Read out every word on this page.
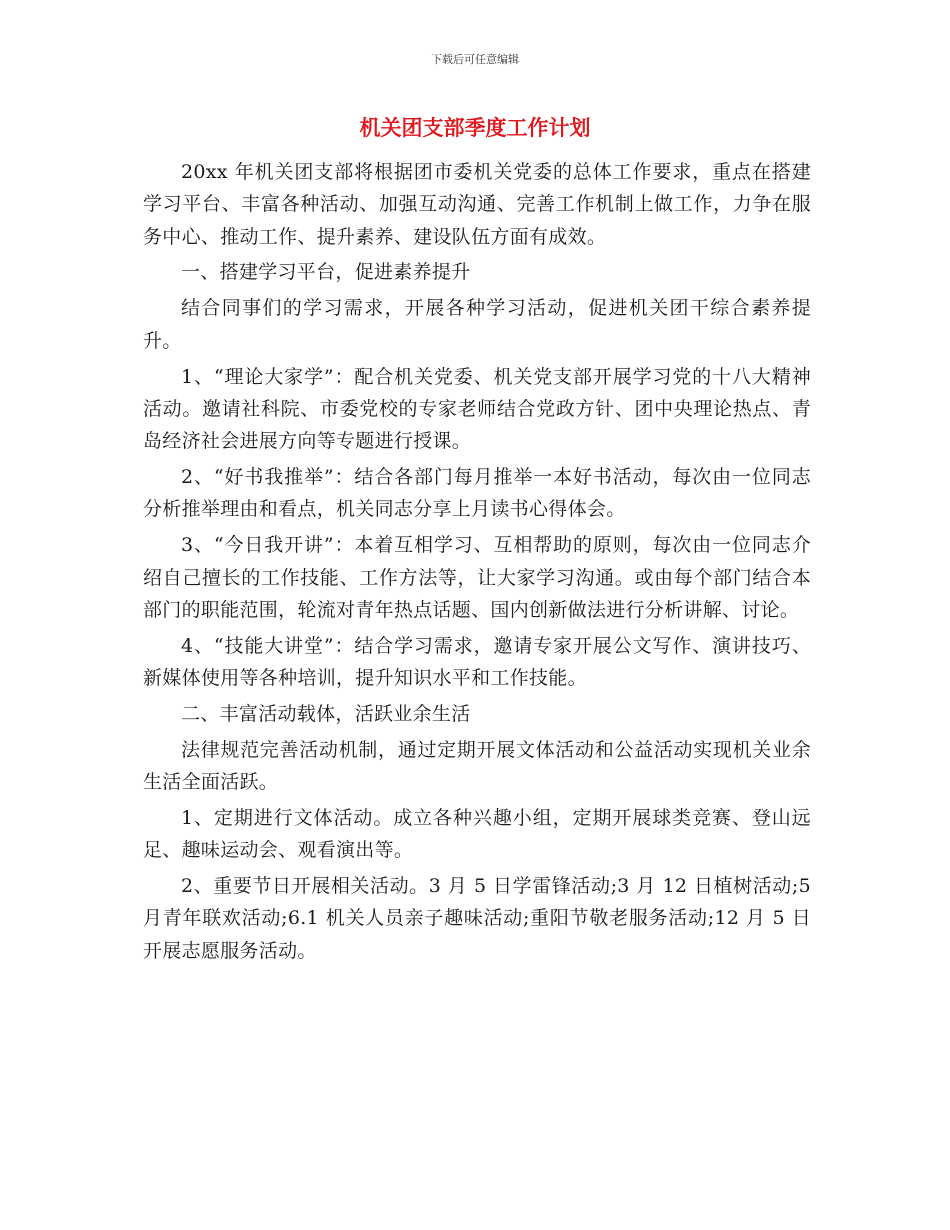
下载后可任意编辑
机关团支部季度工作计划

20xx 年机关团支部将根据团市委机关党委的总体工作要求，重点在搭建学习平台、丰富各种活动、加强互动沟通、完善工作机制上做工作，力争在服务中心、推动工作、提升素养、建设队伍方面有成效。

一、搭建学习平台，促进素养提升

结合同事们的学习需求，开展各种学习活动，促进机关团干综合素养提升。

1、“理论大家学”：配合机关党委、机关党支部开展学习党的十八大精神活动。邀请社科院、市委党校的专家老师结合党政方针、团中央理论热点、青岛经济社会进展方向等专题进行授课。

2、“好书我推举”：结合各部门每月推举一本好书活动，每次由一位同志分析推举理由和看点，机关同志分享上月读书心得体会。

3、“今日我开讲”：本着互相学习、互相帮助的原则，每次由一位同志介绍自己擅长的工作技能、工作方法等，让大家学习沟通。或由每个部门结合本部门的职能范围，轮流对青年热点话题、国内创新做法进行分析讲解、讨论。

4、“技能大讲堂”：结合学习需求，邀请专家开展公文写作、演讲技巧、新媒体使用等各种培训，提升知识水平和工作技能。

二、丰富活动载体，活跃业余生活

法律规范完善活动机制，通过定期开展文体活动和公益活动实现机关业余生活全面活跃。

1、定期进行文体活动。成立各种兴趣小组，定期开展球类竞赛、登山远足、趣味运动会、观看演出等。

2、重要节日开展相关活动。3 月 5 日学雷锋活动;3 月 12 日植树活动;5 月青年联欢活动;6.1 机关人员亲子趣味活动;重阳节敬老服务活动;12 月 5 日开展志愿服务活动。
